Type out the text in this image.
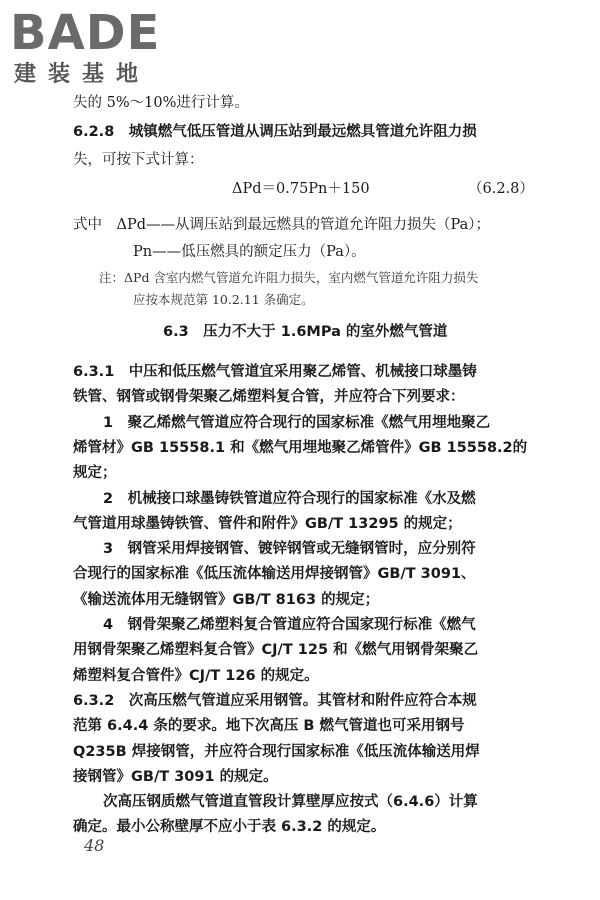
BADE
建装基地
失的 5%～10%进行计算。
6.2.8　城镇燃气低压管道从调压站到最远燃具管道允许阻力损
失，可按下式计算：
ΔPd＝0.75Pn＋150	（6.2.8）
式中　ΔPd——从调压站到最远燃具的管道允许阻力损失（Pa）；
Pn——低压燃具的额定压力（Pa）。
注：ΔPd 含室内燃气管道允许阻力损失，室内燃气管道允许阻力损失
应按本规范第 10.2.11 条确定。
6.3　压力不大于 1.6MPa 的室外燃气管道
6.3.1　中压和低压燃气管道宜采用聚乙烯管、机械接口球墨铸
铁管、钢管或钢骨架聚乙烯塑料复合管，并应符合下列要求：
1　聚乙烯燃气管道应符合现行的国家标准《燃气用埋地聚乙
烯管材》GB 15558.1 和《燃气用埋地聚乙烯管件》GB 15558.2的
规定；
2　机械接口球墨铸铁管道应符合现行的国家标准《水及燃
气管道用球墨铸铁管、管件和附件》GB/T 13295 的规定；
3　钢管采用焊接钢管、镀锌钢管或无缝钢管时，应分别符
合现行的国家标准《低压流体输送用焊接钢管》GB/T 3091、
《输送流体用无缝钢管》GB/T 8163 的规定；
4　钢骨架聚乙烯塑料复合管道应符合国家现行标准《燃气
用钢骨架聚乙烯塑料复合管》CJ/T 125 和《燃气用钢骨架聚乙
烯塑料复合管件》CJ/T 126 的规定。
6.3.2　次高压燃气管道应采用钢管。其管材和附件应符合本规
范第 6.4.4 条的要求。地下次高压 B 燃气管道也可采用钢号
Q235B 焊接钢管，并应符合现行国家标准《低压流体输送用焊
接钢管》GB/T 3091 的规定。
48
次高压钢质燃气管道直管段计算壁厚应按式（6.4.6）计算
确定。最小公称壁厚不应小于表 6.3.2 的规定。
